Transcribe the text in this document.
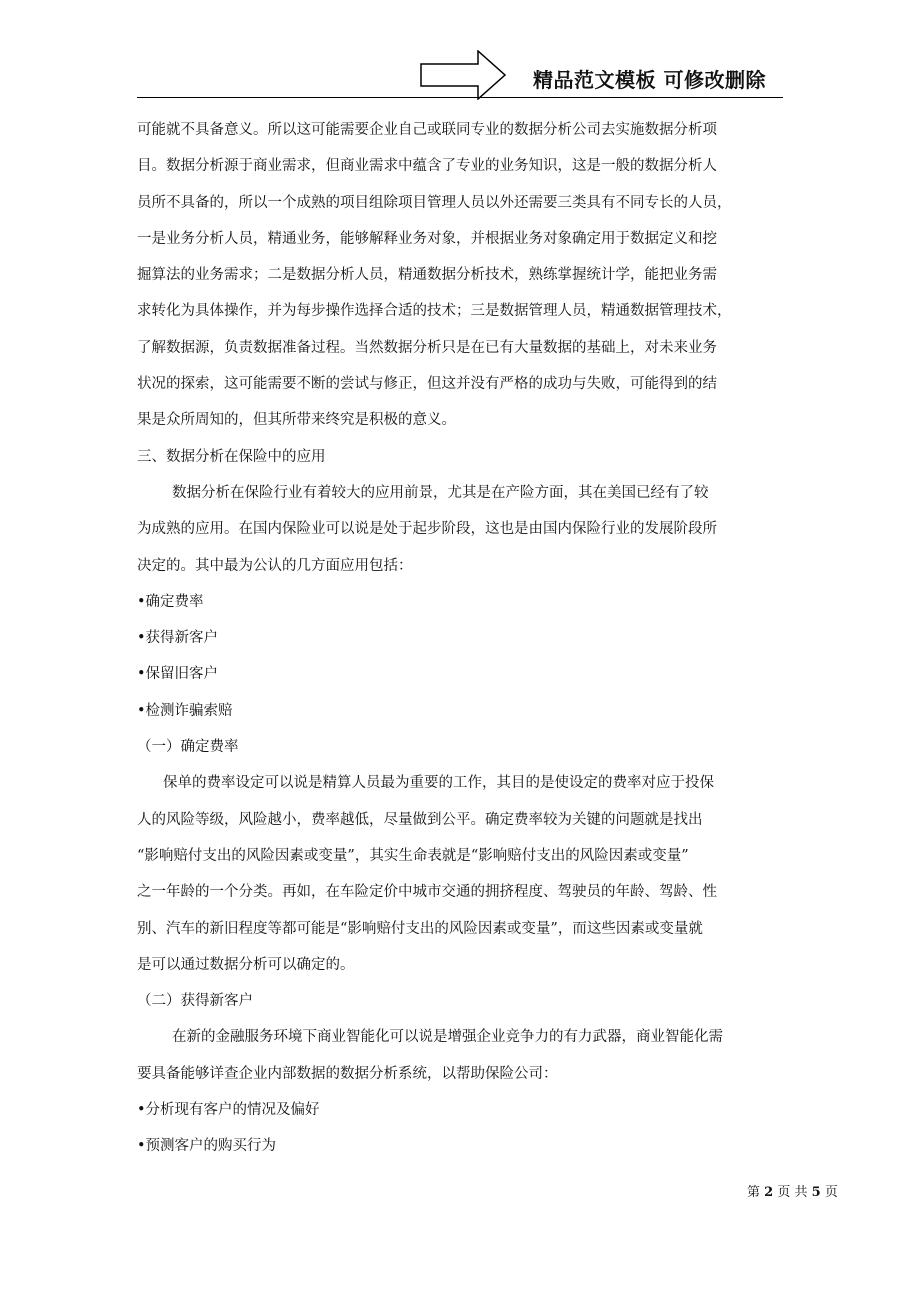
精品范文模板 可修改删除
可能就不具备意义。所以这可能需要企业自己或联同专业的数据分析公司去实施数据分析项
目。数据分析源于商业需求，但商业需求中蕴含了专业的业务知识，这是一般的数据分析人
员所不具备的，所以一个成熟的项目组除项目管理人员以外还需要三类具有不同专长的人员，
一是业务分析人员，精通业务，能够解释业务对象，并根据业务对象确定用于数据定义和挖
掘算法的业务需求；二是数据分析人员，精通数据分析技术，熟练掌握统计学，能把业务需
求转化为具体操作，并为每步操作选择合适的技术；三是数据管理人员，精通数据管理技术，
了解数据源，负责数据准备过程。当然数据分析只是在已有大量数据的基础上，对未来业务
状况的探索，这可能需要不断的尝试与修正，但这并没有严格的成功与失败，可能得到的结
果是众所周知的，但其所带来终究是积极的意义。
三、数据分析在保险中的应用
数据分析在保险行业有着较大的应用前景，尤其是在产险方面，其在美国已经有了较
为成熟的应用。在国内保险业可以说是处于起步阶段，这也是由国内保险行业的发展阶段所
决定的。其中最为公认的几方面应用包括：
•确定费率
•获得新客户
•保留旧客户
•检测诈骗索赔
（一）确定费率
保单的费率设定可以说是精算人员最为重要的工作，其目的是使设定的费率对应于投保
人的风险等级，风险越小，费率越低，尽量做到公平。确定费率较为关键的问题就是找出
“影响赔付支出的风险因素或变量”，其实生命表就是“影响赔付支出的风险因素或变量”
之一年龄的一个分类。再如，在车险定价中城市交通的拥挤程度、驾驶员的年龄、驾龄、性
别、汽车的新旧程度等都可能是“影响赔付支出的风险因素或变量”，而这些因素或变量就
是可以通过数据分析可以确定的。
（二）获得新客户
在新的金融服务环境下商业智能化可以说是增强企业竞争力的有力武器，商业智能化需
要具备能够详查企业内部数据的数据分析系统，以帮助保险公司：
•分析现有客户的情况及偏好
•预测客户的购买行为
第 2 页 共 5 页
